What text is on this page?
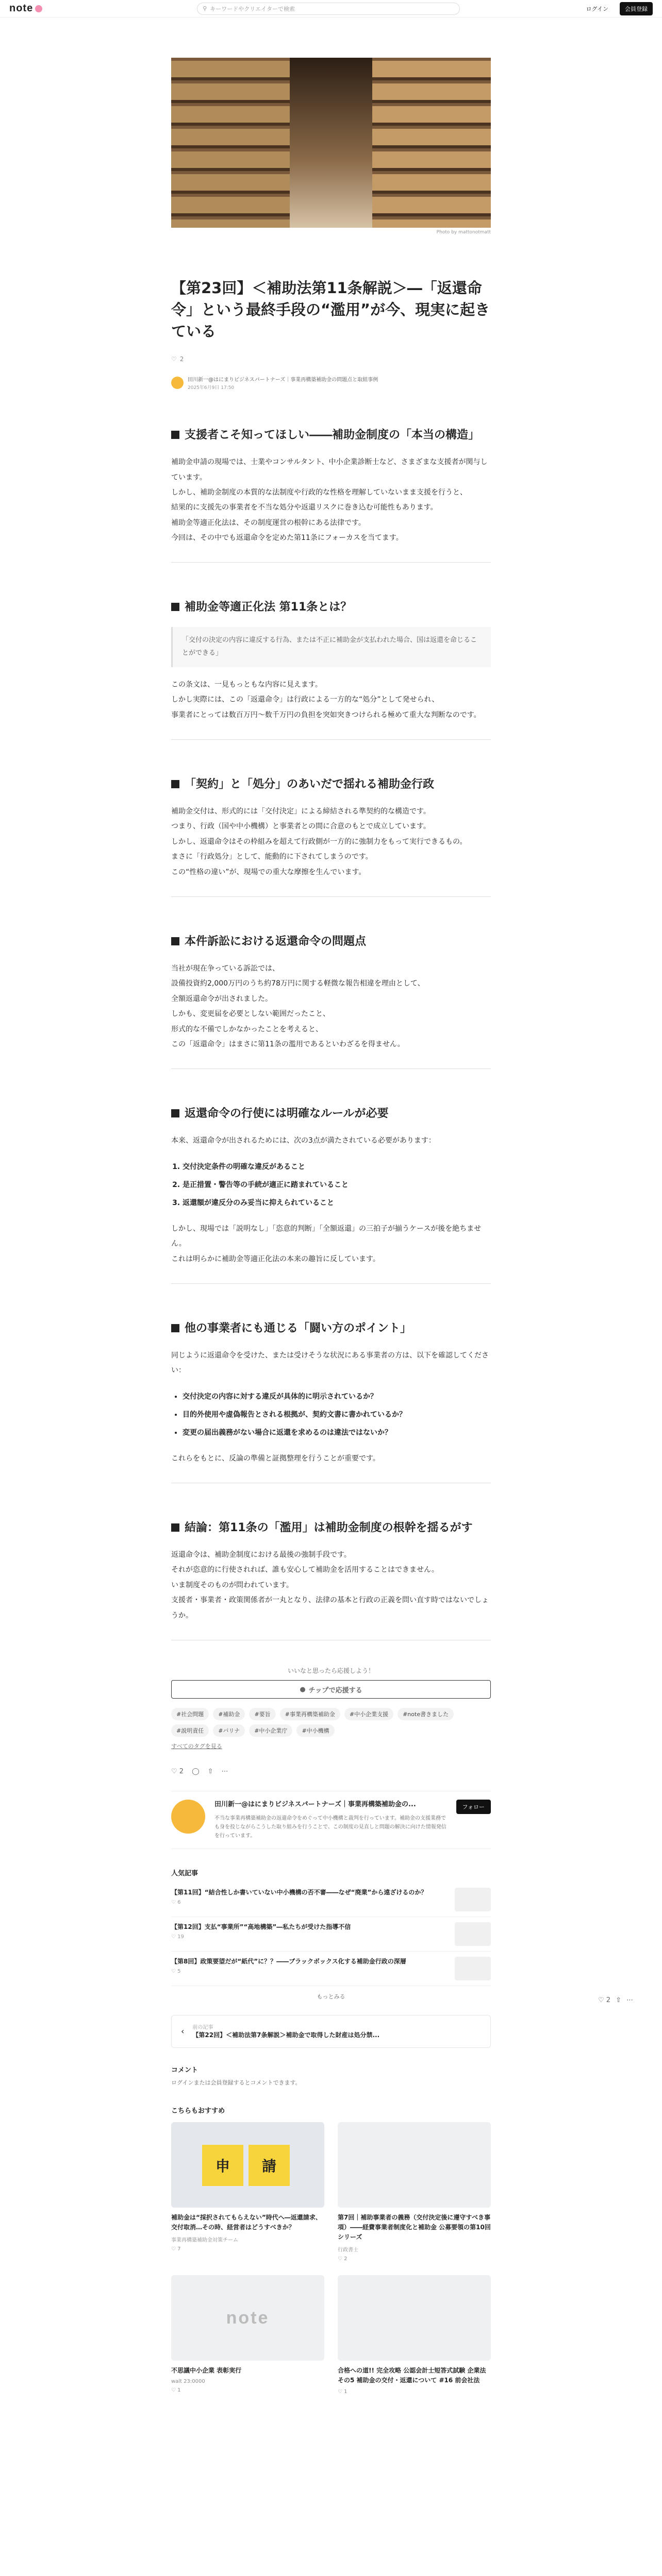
note	⚲ キーワードやクリエイターで検索	ログイン	会員登録
Photo by mattonotmatt
【第23回】＜補助法第11条解説＞―「返還命令」という最終手段の“濫用”が今、現実に起きている
♡ 2
田川新一@はにまりビジネスパートナーズ｜事業再構築補助金の問題点と取組事例
2025年6月9日 17:50
支援者こそ知ってほしい――補助金制度の「本当の構造」

補助金申請の現場では、士業やコンサルタント、中小企業診断士など、さまざまな支援者が関与しています。

しかし、補助金制度の本質的な法制度や行政的な性格を理解していないまま支援を行うと、

結果的に支援先の事業者を不当な処分や返還リスクに巻き込む可能性もあります。

補助金等適正化法は、その制度運営の根幹にある法律です。

今回は、その中でも返還命令を定めた第11条にフォーカスを当てます。

補助金等適正化法 第11条とは？
「交付の決定の内容に違反する行為、または不正に補助金が支払われた場合、国は返還を命じることができる」

この条文は、一見もっともな内容に見えます。

しかし実際には、この「返還命令」は行政による一方的な“処分”として発せられ、

事業者にとっては数百万円～数千万円の負担を突如突きつけられる極めて重大な判断なのです。

「契約」と「処分」のあいだで揺れる補助金行政

補助金交付は、形式的には「交付決定」による締結される準契約的な構造です。

つまり、行政（国や中小機構）と事業者との間に合意のもとで成立しています。

しかし、返還命令はその枠組みを超えて行政側が一方的に強制力をもって実行できるもの。

まさに「行政処分」として、能動的に下されてしまうのです。

この“性格の違い”が、現場での重大な摩擦を生んでいます。

本件訴訟における返還命令の問題点

当社が現在争っている訴訟では、

設備投資約2,000万円のうち約78万円に関する軽微な報告相違を理由として、

全額返還命令が出されました。

しかも、変更届を必要としない範囲だったこと、

形式的な不備でしかなかったことを考えると、

この「返還命令」はまさに第11条の濫用であるといわざるを得ません。

返還命令の行使には明確なルールが必要

本来、返還命令が出されるためには、次の3点が満たされている必要があります：

1. 交付決定条件の明確な違反があること
2. 是正措置・警告等の手続が適正に踏まれていること
3. 返還額が違反分のみ妥当に抑えられていること

しかし、現場では「説明なし」「恣意的判断」「全額返還」の三拍子が揃うケースが後を絶ちません。

これは明らかに補助金等適正化法の本来の趣旨に反しています。

他の事業者にも通じる「闘い方のポイント」

同じように返還命令を受けた、または受けそうな状況にある事業者の方は、以下を確認してください：

• 交付決定の内容に対する違反が具体的に明示されているか？
• 目的外使用や虚偽報告とされる根拠が、契約文書に書かれているか？
• 変更の届出義務がない場合に返還を求めるのは違法ではないか？

これらをもとに、反論の準備と証拠整理を行うことが重要です。

結論：第11条の「濫用」は補助金制度の根幹を揺るがす

返還命令は、補助金制度における最後の強制手段です。

それが恣意的に行使されれば、誰も安心して補助金を活用することはできません。

いま制度そのものが問われています。

支援者・事業者・政策関係者が一丸となり、法律の基本と行政の正義を問い直す時ではないでしょうか。

いいなと思ったら応援しよう！
● チップで応援する
#社会問題	#補助金	#要旨	#事業再構築補助金	#中小企業支援	#note書きました
#説明責任	#バリナ	#中小企業庁	#中小機構
すべてのタグを見る
♡ 2 ◯ ⇧ ⋯
田川新一@はにまりビジネスパートナーズ｜事業再構築補助金の...
不当な事業再構築補助金の返還命令をめぐって中小機構と裁判を行っています。補助金の支援業務でも身を投じながらこうした取り組みを行うことで、この制度の見直しと問題の解決に向けた情報発信を行っています。
フォロー
人気記事
【第11回】“結合性しか書いていない中小機構の否不審――なぜ“廃業”から遠ざけるのか？
♡ 6
【第12回】支払“事業所”“高地構築”―私たちが受けた指導不信
♡ 19
【第8回】政策要望だが“紙代”に？？――ブラックボックス化する補助金行政の深層
♡ 5
もっとみる
‹ 前の記事
【第22回】＜補助法第7条解説＞補助金で取得した財産は処分禁...
コメント
ログインまたは会員登録するとコメントできます。
こちらもおすすめ
申	請
補助金は“採択されてもらえない”時代へ―返還請求、交付取消…その時、経営者はどうすべきか？
事業再構築補助金対策チーム
♡ 7
第7回｜補助事業者の義務（交付決定後に遵守すべき事項）――経費事業者制度化と補助金 公募要領の第10回シリーズ
行政書士
♡ 2
note
不思議中小企業 表彰実行
walt 23:0000
♡ 1
合格への道!! 完全攻略 公認会計士短答式試験 企業法 その5 補助金の交付・返還について #16 前会社法
♡ 1
♡ 2 ⇧ ⋯
